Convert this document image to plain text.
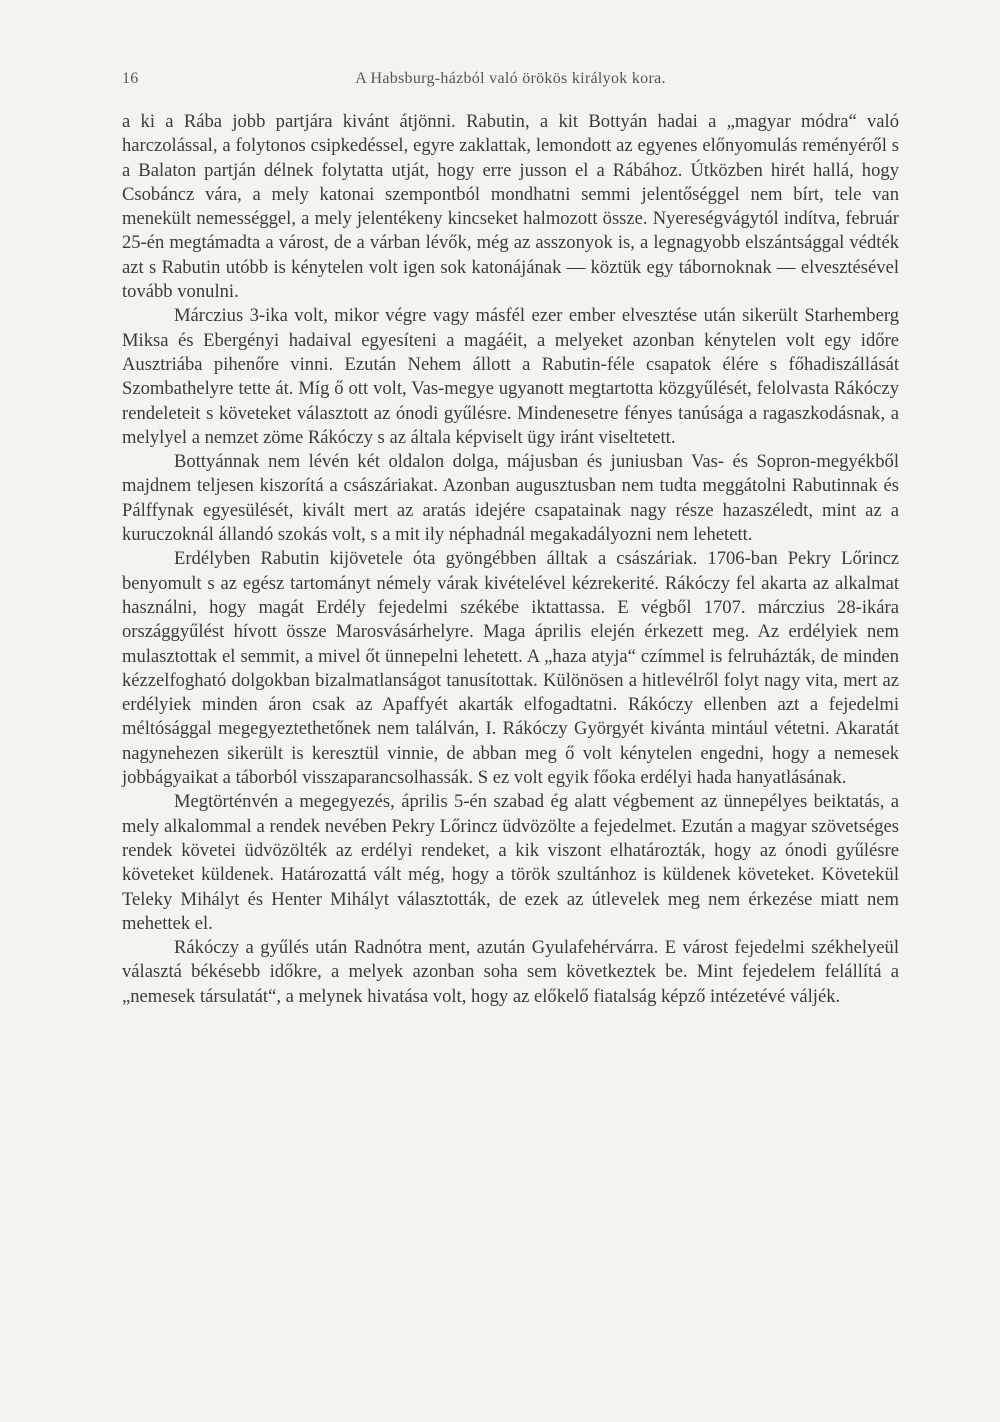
16	A Habsburg-házból való örökös királyok kora.

a ki a Rába jobb partjára kivánt átjönni. Rabutin, a kit Bottyán hadai a „magyar módra“ való harczolással, a folytonos csipkedéssel, egyre zaklattak, lemondott az egyenes előnyomulás reményéről s a Balaton partján délnek folytatta utját, hogy erre jusson el a Rábához. Útközben hirét hallá, hogy Csobáncz vára, a mely katonai szempontból mondhatni semmi jelentőséggel nem bírt, tele van menekült nemességgel, a mely jelentékeny kincseket halmozott össze. Nyereségvágytól indítva, február 25-én megtámadta a várost, de a várban lévők, még az asszonyok is, a legnagyobb elszántsággal védték azt s Rabutin utóbb is kénytelen volt igen sok katonájának — köztük egy tábornoknak — elvesztésével tovább vonulni.

Márczius 3-ika volt, mikor végre vagy másfél ezer ember elvesztése után sikerült Starhemberg Miksa és Ebergényi hadaival egyesíteni a magáéit, a melyeket azonban kénytelen volt egy időre Ausztriába pihenőre vinni. Ezután Nehem állott a Rabutin-féle csapatok élére s főhadiszállását Szombathelyre tette át. Míg ő ott volt, Vas-megye ugyanott megtartotta közgyűlését, felolvasta Rákóczy rendeleteit s követeket választott az ónodi gyűlésre. Mindenesetre fényes tanúsága a ragaszkodásnak, a melylyel a nemzet zöme Rákóczy s az általa képviselt ügy iránt viseltetett.

Bottyánnak nem lévén két oldalon dolga, májusban és juniusban Vas- és Sopron-megyékből majdnem teljesen kiszorítá a császáriakat. Azonban augusztusban nem tudta meggátolni Rabutinnak és Pálffynak egyesülését, kivált mert az aratás idejére csapatainak nagy része hazaszéledt, mint az a kuruczoknál állandó szokás volt, s a mit ily néphadnál megakadályozni nem lehetett.

Erdélyben Rabutin kijövetele óta gyöngébben álltak a császáriak. 1706-ban Pekry Lőrincz benyomult s az egész tartományt némely várak kivételével kézrekerité. Rákóczy fel akarta az alkalmat használni, hogy magát Erdély fejedelmi székébe iktattassa. E végből 1707. márczius 28-ikára országgyűlést hívott össze Marosvásárhelyre. Maga április elején érkezett meg. Az erdélyiek nem mulasztottak el semmit, a mivel őt ünnepelni lehetett. A „haza atyja“ czímmel is felruházták, de minden kézzelfogható dolgokban bizalmatlanságot tanusítottak. Különösen a hitlevélről folyt nagy vita, mert az erdélyiek minden áron csak az Apaffyét akarták elfogadtatni. Rákóczy ellenben azt a fejedelmi méltósággal megegyeztethetőnek nem találván, I. Rákóczy Györgyét kivánta mintául vétetni. Akaratát nagynehezen sikerült is keresztül vinnie, de abban meg ő volt kénytelen engedni, hogy a nemesek jobbágyaikat a táborból visszaparancsolhassák. S ez volt egyik főoka erdélyi hada hanyatlásának.

Megtörténvén a megegyezés, április 5-én szabad ég alatt végbement az ünnepélyes beiktatás, a mely alkalommal a rendek nevében Pekry Lőrincz üdvözölte a fejedelmet. Ezután a magyar szövetséges rendek követei üdvözölték az erdélyi rendeket, a kik viszont elhatározták, hogy az ónodi gyűlésre követeket küldenek. Határozattá vált még, hogy a török szultánhoz is küldenek követeket. Követekül Teleky Mihályt és Henter Mihályt választották, de ezek az útlevelek meg nem érkezése miatt nem mehettek el.

Rákóczy a gyűlés után Radnótra ment, azután Gyulafehérvárra. E várost fejedelmi székhelyeül választá békésebb időkre, a melyek azonban soha sem következtek be. Mint fejedelem felállítá a „nemesek társulatát“, a melynek hivatása volt, hogy az előkelő fiatalság képző intézetévé váljék.
